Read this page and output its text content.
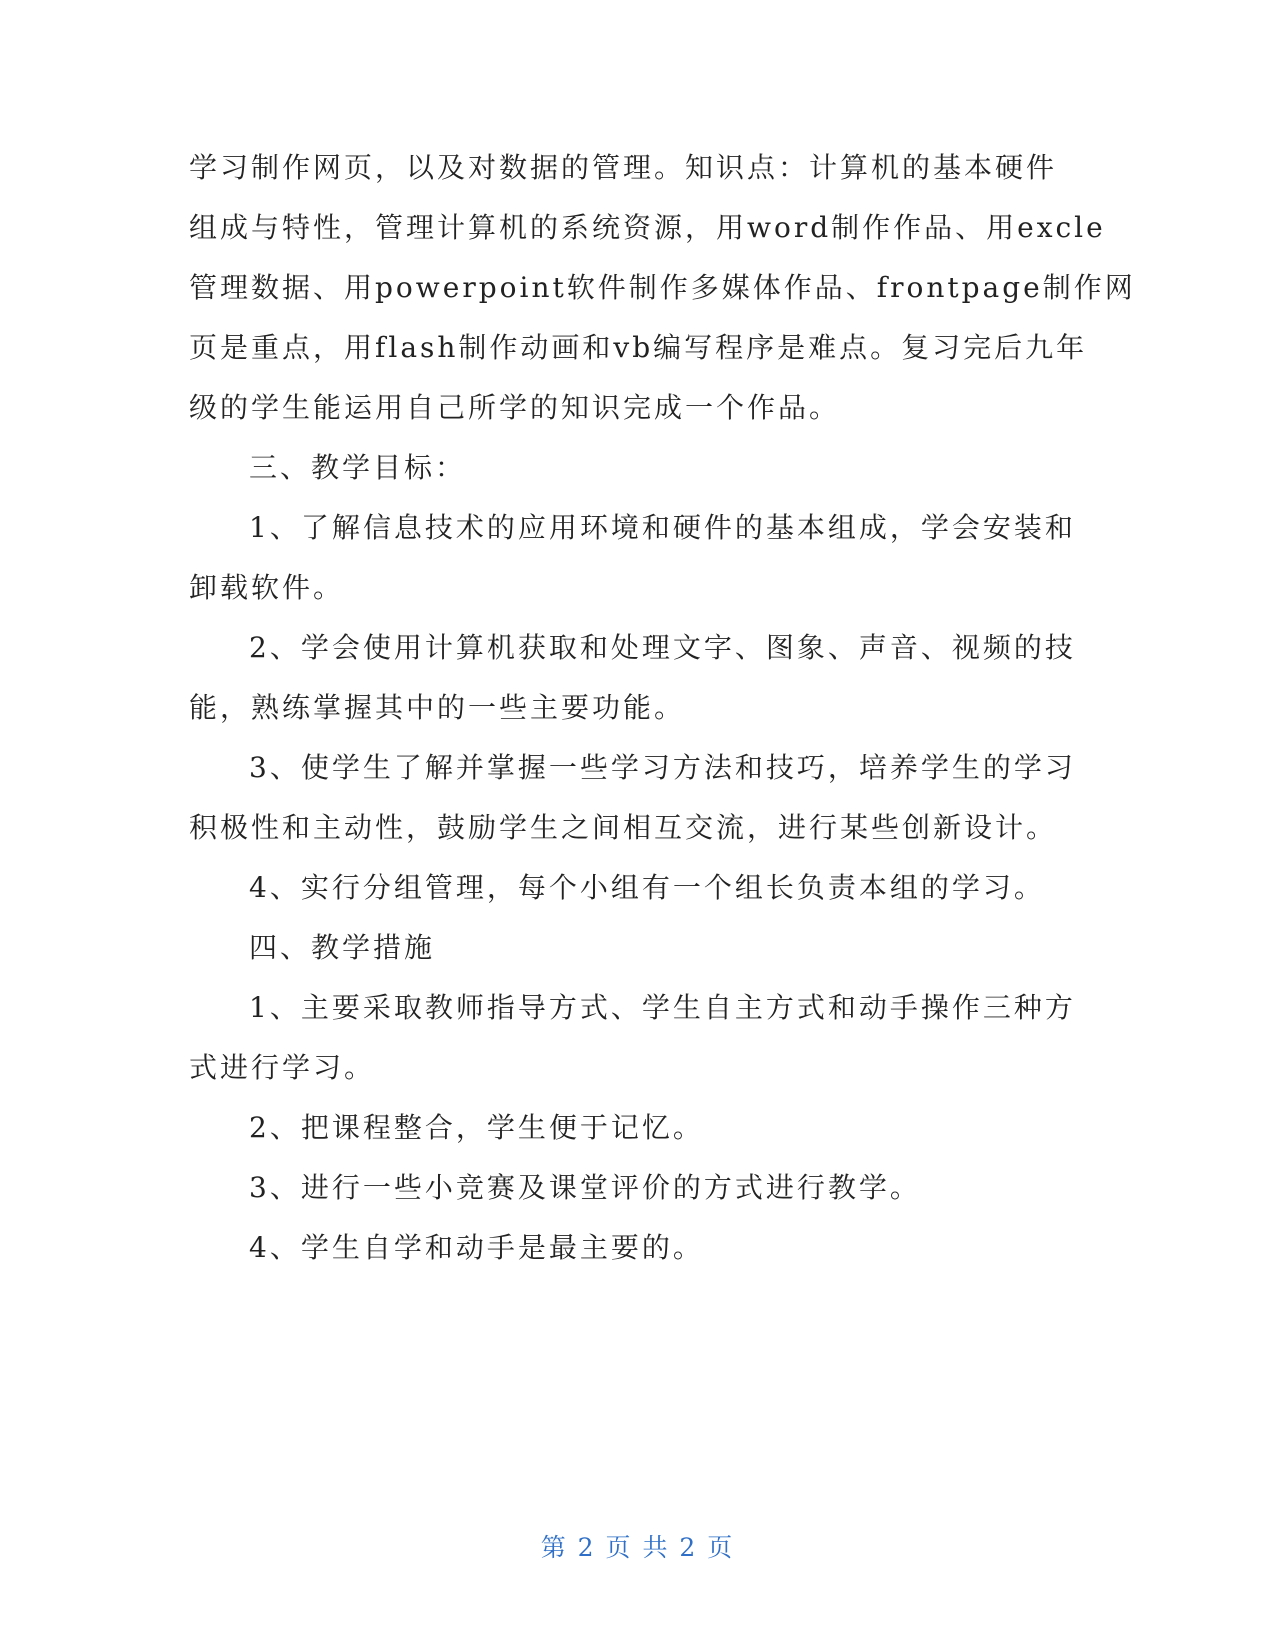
学习制作网页，以及对数据的管理。知识点：计算机的基本硬件

组成与特性，管理计算机的系统资源，用word制作作品、用excle

管理数据、用powerpoint软件制作多媒体作品、frontpage制作网

页是重点，用flash制作动画和vb编写程序是难点。复习完后九年

级的学生能运用自己所学的知识完成一个作品。

三、教学目标：

1、了解信息技术的应用环境和硬件的基本组成，学会安装和

卸载软件。

2、学会使用计算机获取和处理文字、图象、声音、视频的技

能，熟练掌握其中的一些主要功能。

3、使学生了解并掌握一些学习方法和技巧，培养学生的学习

积极性和主动性，鼓励学生之间相互交流，进行某些创新设计。

4、实行分组管理，每个小组有一个组长负责本组的学习。

四、教学措施

1、主要采取教师指导方式、学生自主方式和动手操作三种方

式进行学习。

2、把课程整合，学生便于记忆。

3、进行一些小竞赛及课堂评价的方式进行教学。

4、学生自学和动手是最主要的。

第 2 页 共 2 页
